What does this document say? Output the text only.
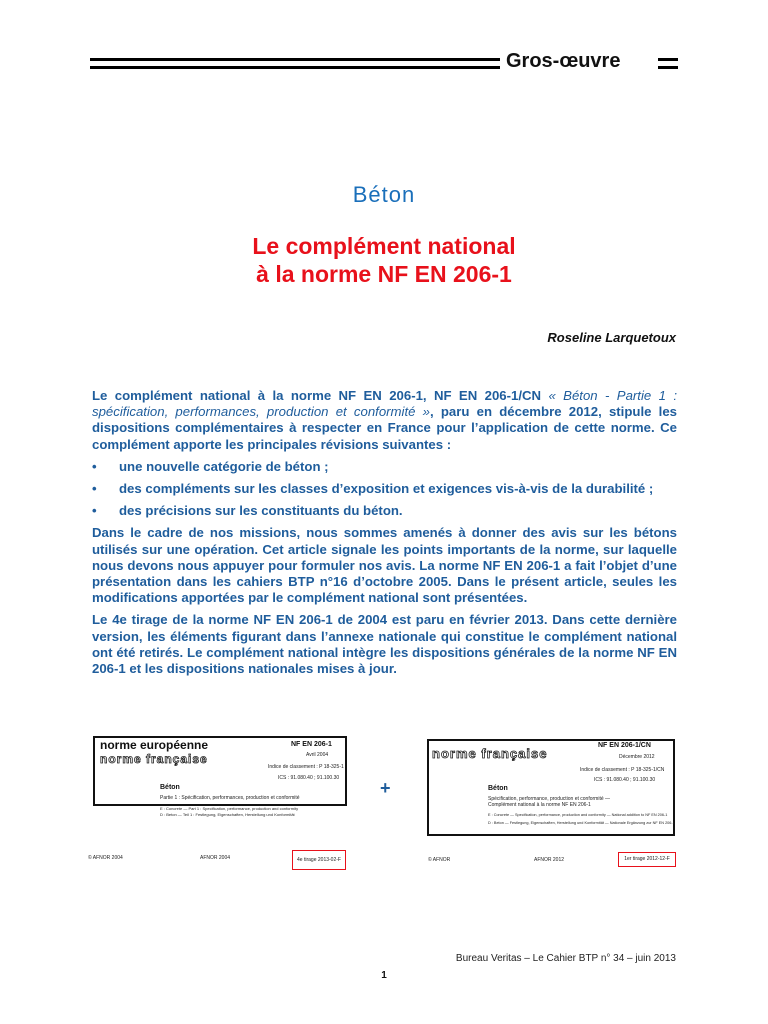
Gros-œuvre
Béton
Le complément national
à la norme NF EN 206-1
Roseline Larquetoux

Le complément national à la norme NF EN 206-1, NF EN 206-1/CN « Béton - Partie 1 : spécification, performances, production et conformité », paru en décembre 2012, stipule les dispositions complémentaires à respecter en France pour l’application de cette norme. Ce complément apporte les principales révisions suivantes :

• une nouvelle catégorie de béton ;
• des compléments sur les classes d’exposition et exigences vis-à-vis de la durabilité ;
• des précisions sur les constituants du béton.

Dans le cadre de nos missions, nous sommes amenés à donner des avis sur les bétons utilisés sur une opération. Cet article signale les points importants de la norme, sur laquelle nous devons nous appuyer pour formuler nos avis. La norme NF EN 206-1 a fait l’objet d’une présentation dans les cahiers BTP n°16 d’octobre 2005. Dans le présent article, seules les modifications apportées par le complément national sont présentées.

Le 4e tirage de la norme NF EN 206-1 de 2004 est paru en février 2013. Dans cette dernière version, les éléments figurant dans l’annexe nationale qui constitue le complément national ont été retirés. Le complément national intègre les dispositions générales de la norme NF EN 206-1 et les dispositions nationales mises à jour.

norme européenne
norme française
NF EN 206-1
Avril 2004
Indice de classement : P 18-325-1
ICS : 91.080.40 ; 91.100.30
Béton
Partie 1 : Spécification, performances, production et conformité
E : Concrete — Part 1 : Specification, performance, production and conformity
D : Beton — Teil 1 : Festlegung, Eigenschaften, Herstellung und Konformität
© AFNOR 2004	AFNOR 2004	4e tirage 2013-02-F
+
norme française
NF EN 206-1/CN
Décembre 2012
Indice de classement : P 18-325-1/CN
ICS : 91.080.40 ; 91.100.30
Béton
Spécification, performance, production et conformité —
Complément national à la norme NF EN 206-1
E : Concrete — Specification, performance, production and conformity — National addition to NF EN 206-1
D : Beton — Festlegung, Eigenschaften, Herstellung und Konformität — Nationale Ergänzung zur NF EN 206-1
© AFNOR	AFNOR 2012	1er tirage 2012-12-F
Bureau Veritas – Le Cahier BTP n° 34 – juin 2013
1
